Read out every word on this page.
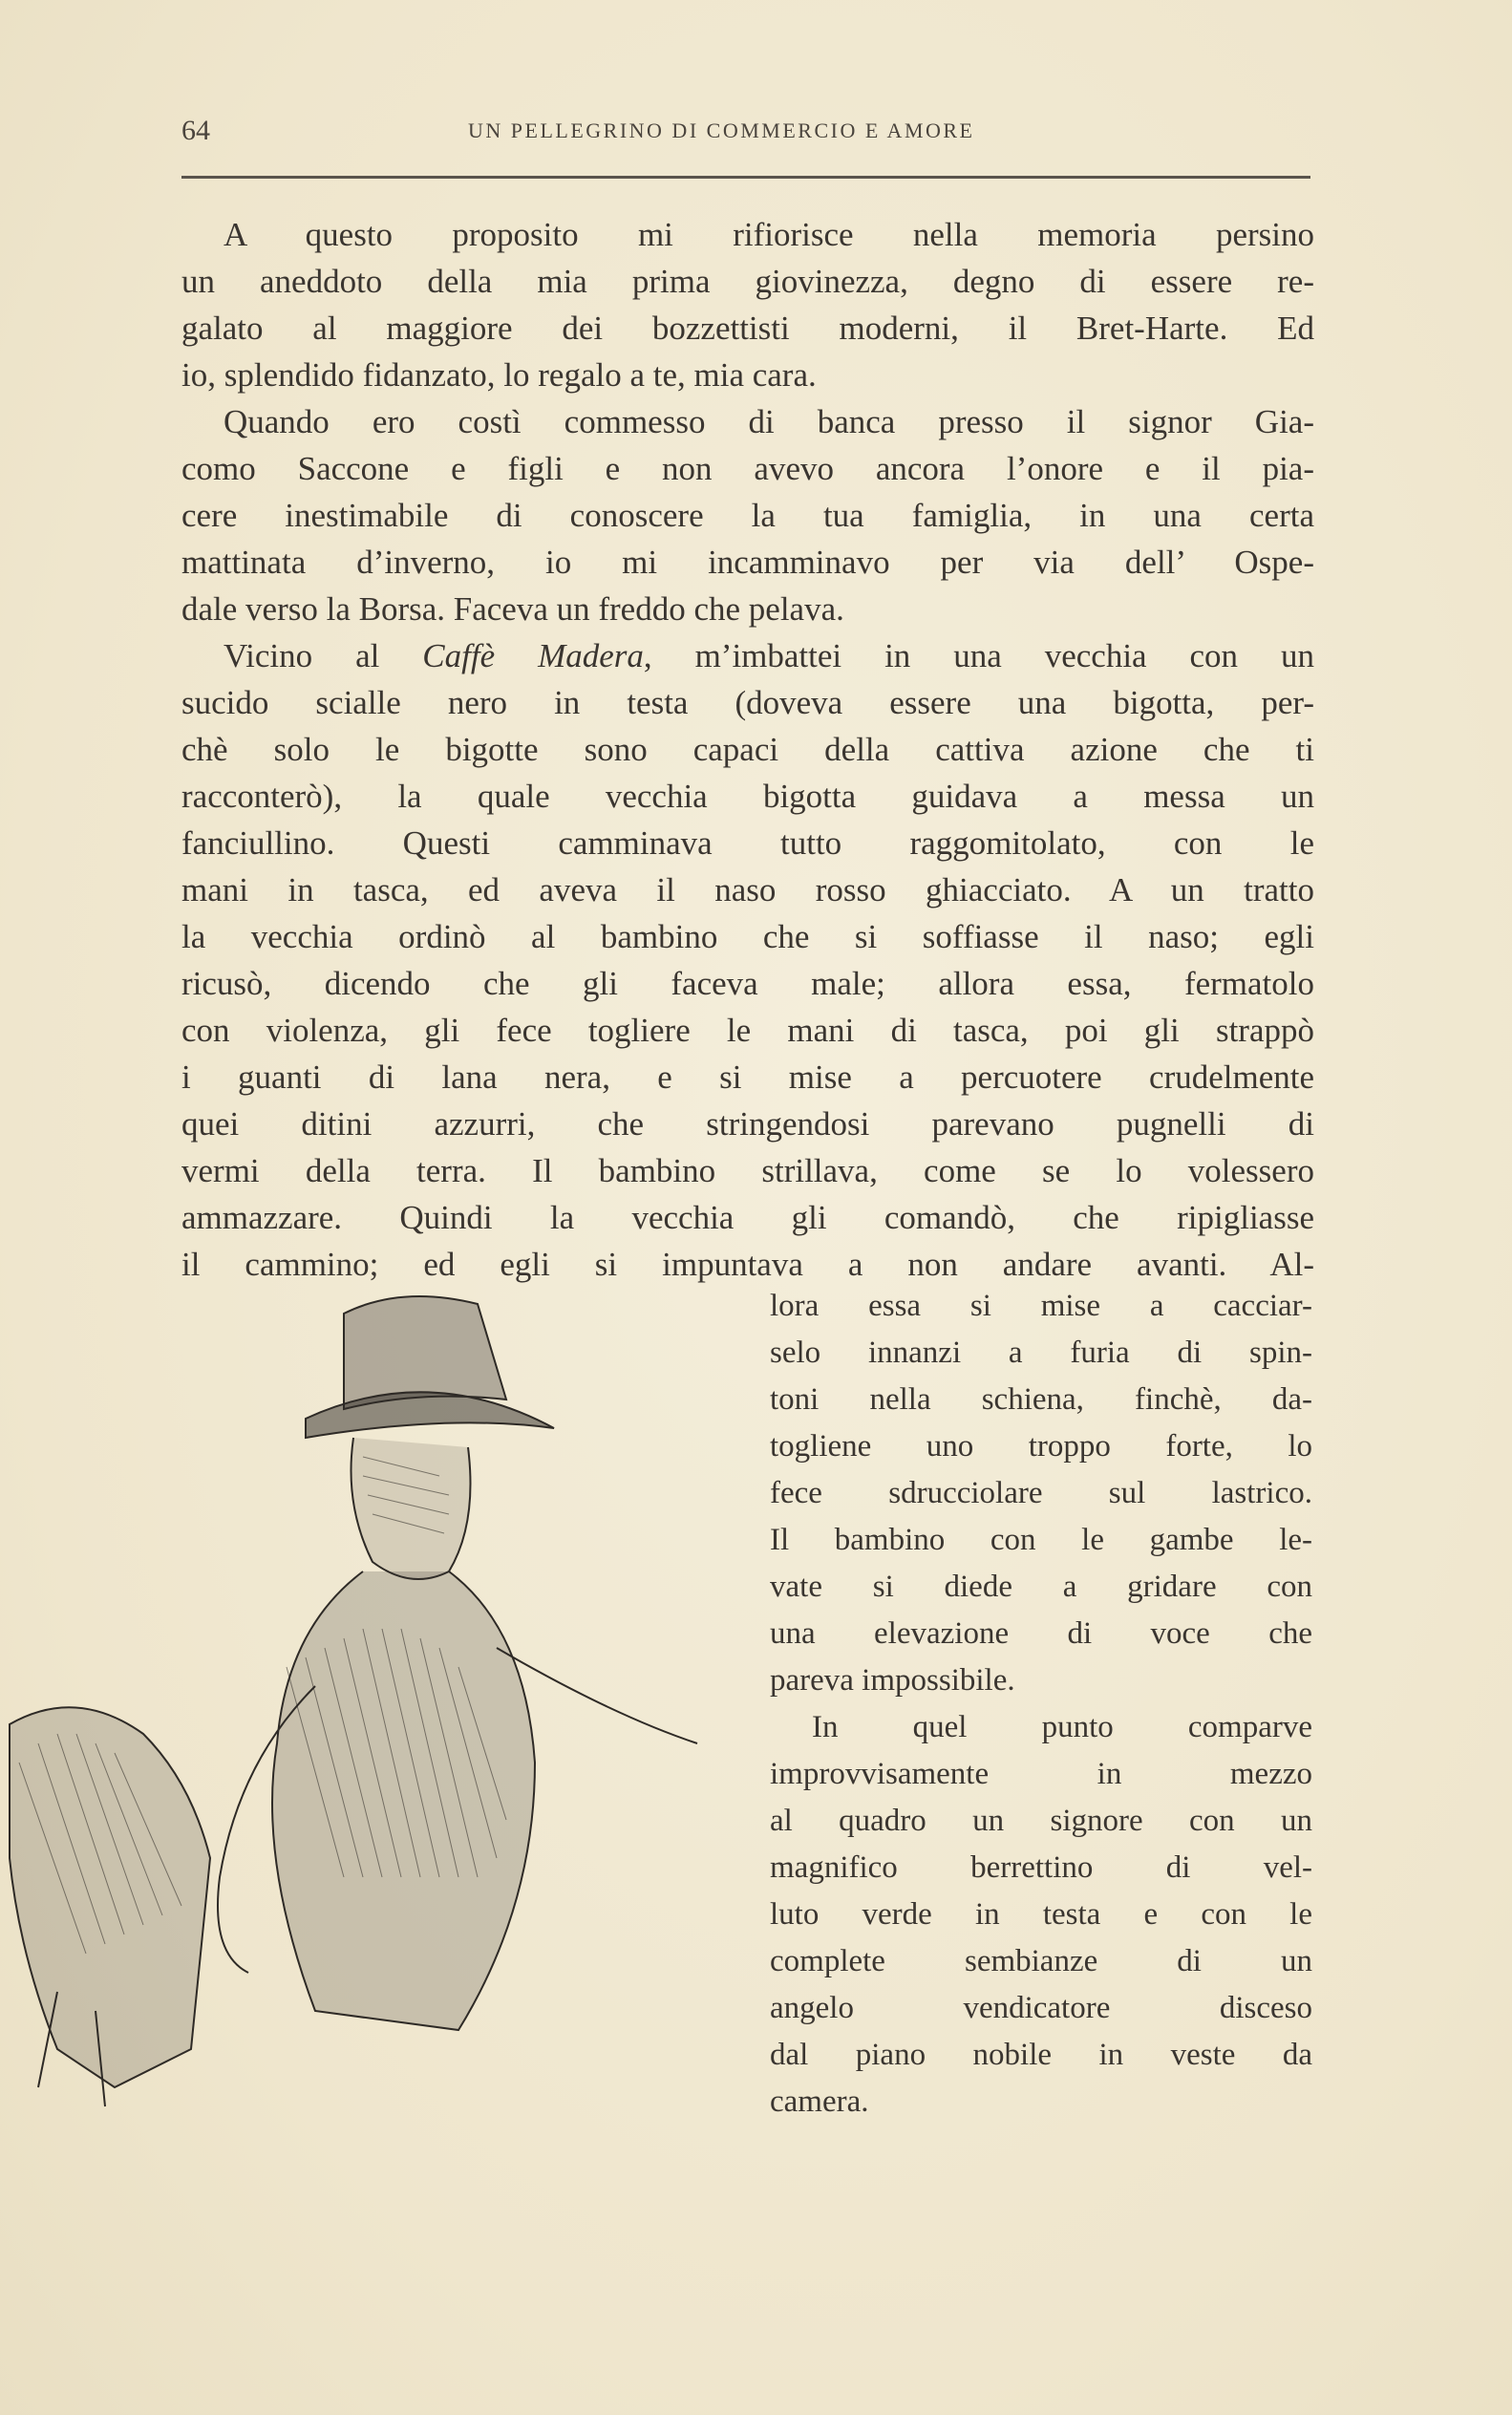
64	UN PELLEGRINO DI COMMERCIO E AMORE
A questo proposito mi rifiorisce nella memoria persino
un aneddoto della mia prima giovinezza, degno di essere re-
galato al maggiore dei bozzettisti moderni, il Bret-Harte. Ed
io, splendido fidanzato, lo regalo a te, mia cara.
Quando ero costì commesso di banca presso il signor Gia-
como Saccone e figli e non avevo ancora l’onore e il pia-
cere inestimabile di conoscere la tua famiglia, in una certa
mattinata d’inverno, io mi incamminavo per via dell’ Ospe-
dale verso la Borsa. Faceva un freddo che pelava.
Vicino al Caffè Madera, m’imbattei in una vecchia con un
sucido scialle nero in testa (doveva essere una bigotta, per-
chè solo le bigotte sono capaci della cattiva azione che ti
racconterò), la quale vecchia bigotta guidava a messa un
fanciullino. Questi camminava tutto raggomitolato, con le
mani in tasca, ed aveva il naso rosso ghiacciato. A un tratto
la vecchia ordinò al bambino che si soffiasse il naso; egli
ricusò, dicendo che gli faceva male; allora essa, fermatolo
con violenza, gli fece togliere le mani di tasca, poi gli strappò
i guanti di lana nera, e si mise a percuotere crudelmente
quei ditini azzurri, che stringendosi parevano pugnelli di
vermi della terra. Il bambino strillava, come se lo volessero
ammazzare. Quindi la vecchia gli comandò, che ripigliasse
il cammino; ed egli si impuntava a non andare avanti. Al-
lora essa si mise a cacciar-
selo innanzi a furia di spin-
toni nella schiena, finchè, da-
togliene uno troppo forte, lo
fece sdrucciolare sul lastrico.
Il bambino con le gambe le-
vate si diede a gridare con
una elevazione di voce che
pareva impossibile.
In quel punto comparve
improvvisamente in mezzo
al quadro un signore con un
magnifico berrettino di vel-
luto verde in testa e con le
complete sembianze di un
angelo vendicatore disceso
dal piano nobile in veste da
camera.
